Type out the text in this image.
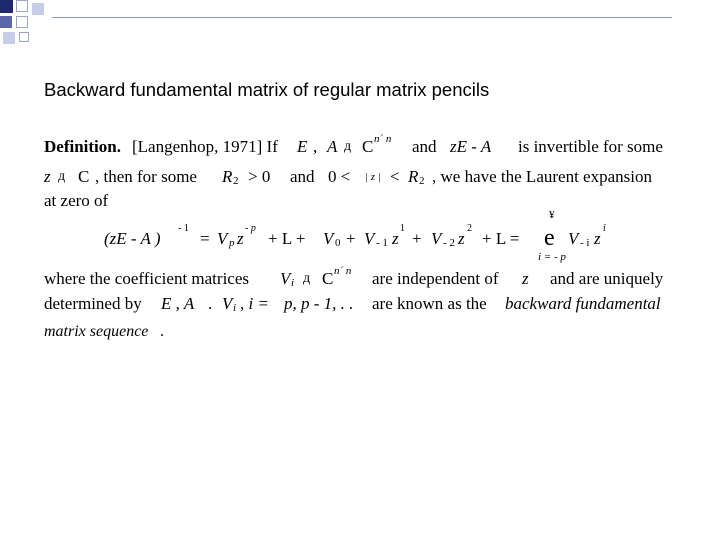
Backward fundamental matrix of regular matrix pencils
Definition. [Langenhop, 1971] If E , A д C n´ n and zE - A is invertible for some
z д C , then for some R 2 > 0 and 0 < | z | < R 2 , we have the Laurent expansion
at zero of
(zE - A )
- 1
= V p z
- p
+ L + V 0 + V - 1 z
1
+ V - 2 z
2
+ L =
¥
e
i = - p
V - i z
i
where the coefficient matrices V i д C n´ n are independent of z and are uniquely
determined by E , A . V i , i = p, p - 1, . . are known as the backward fundamental
matrix sequence .
